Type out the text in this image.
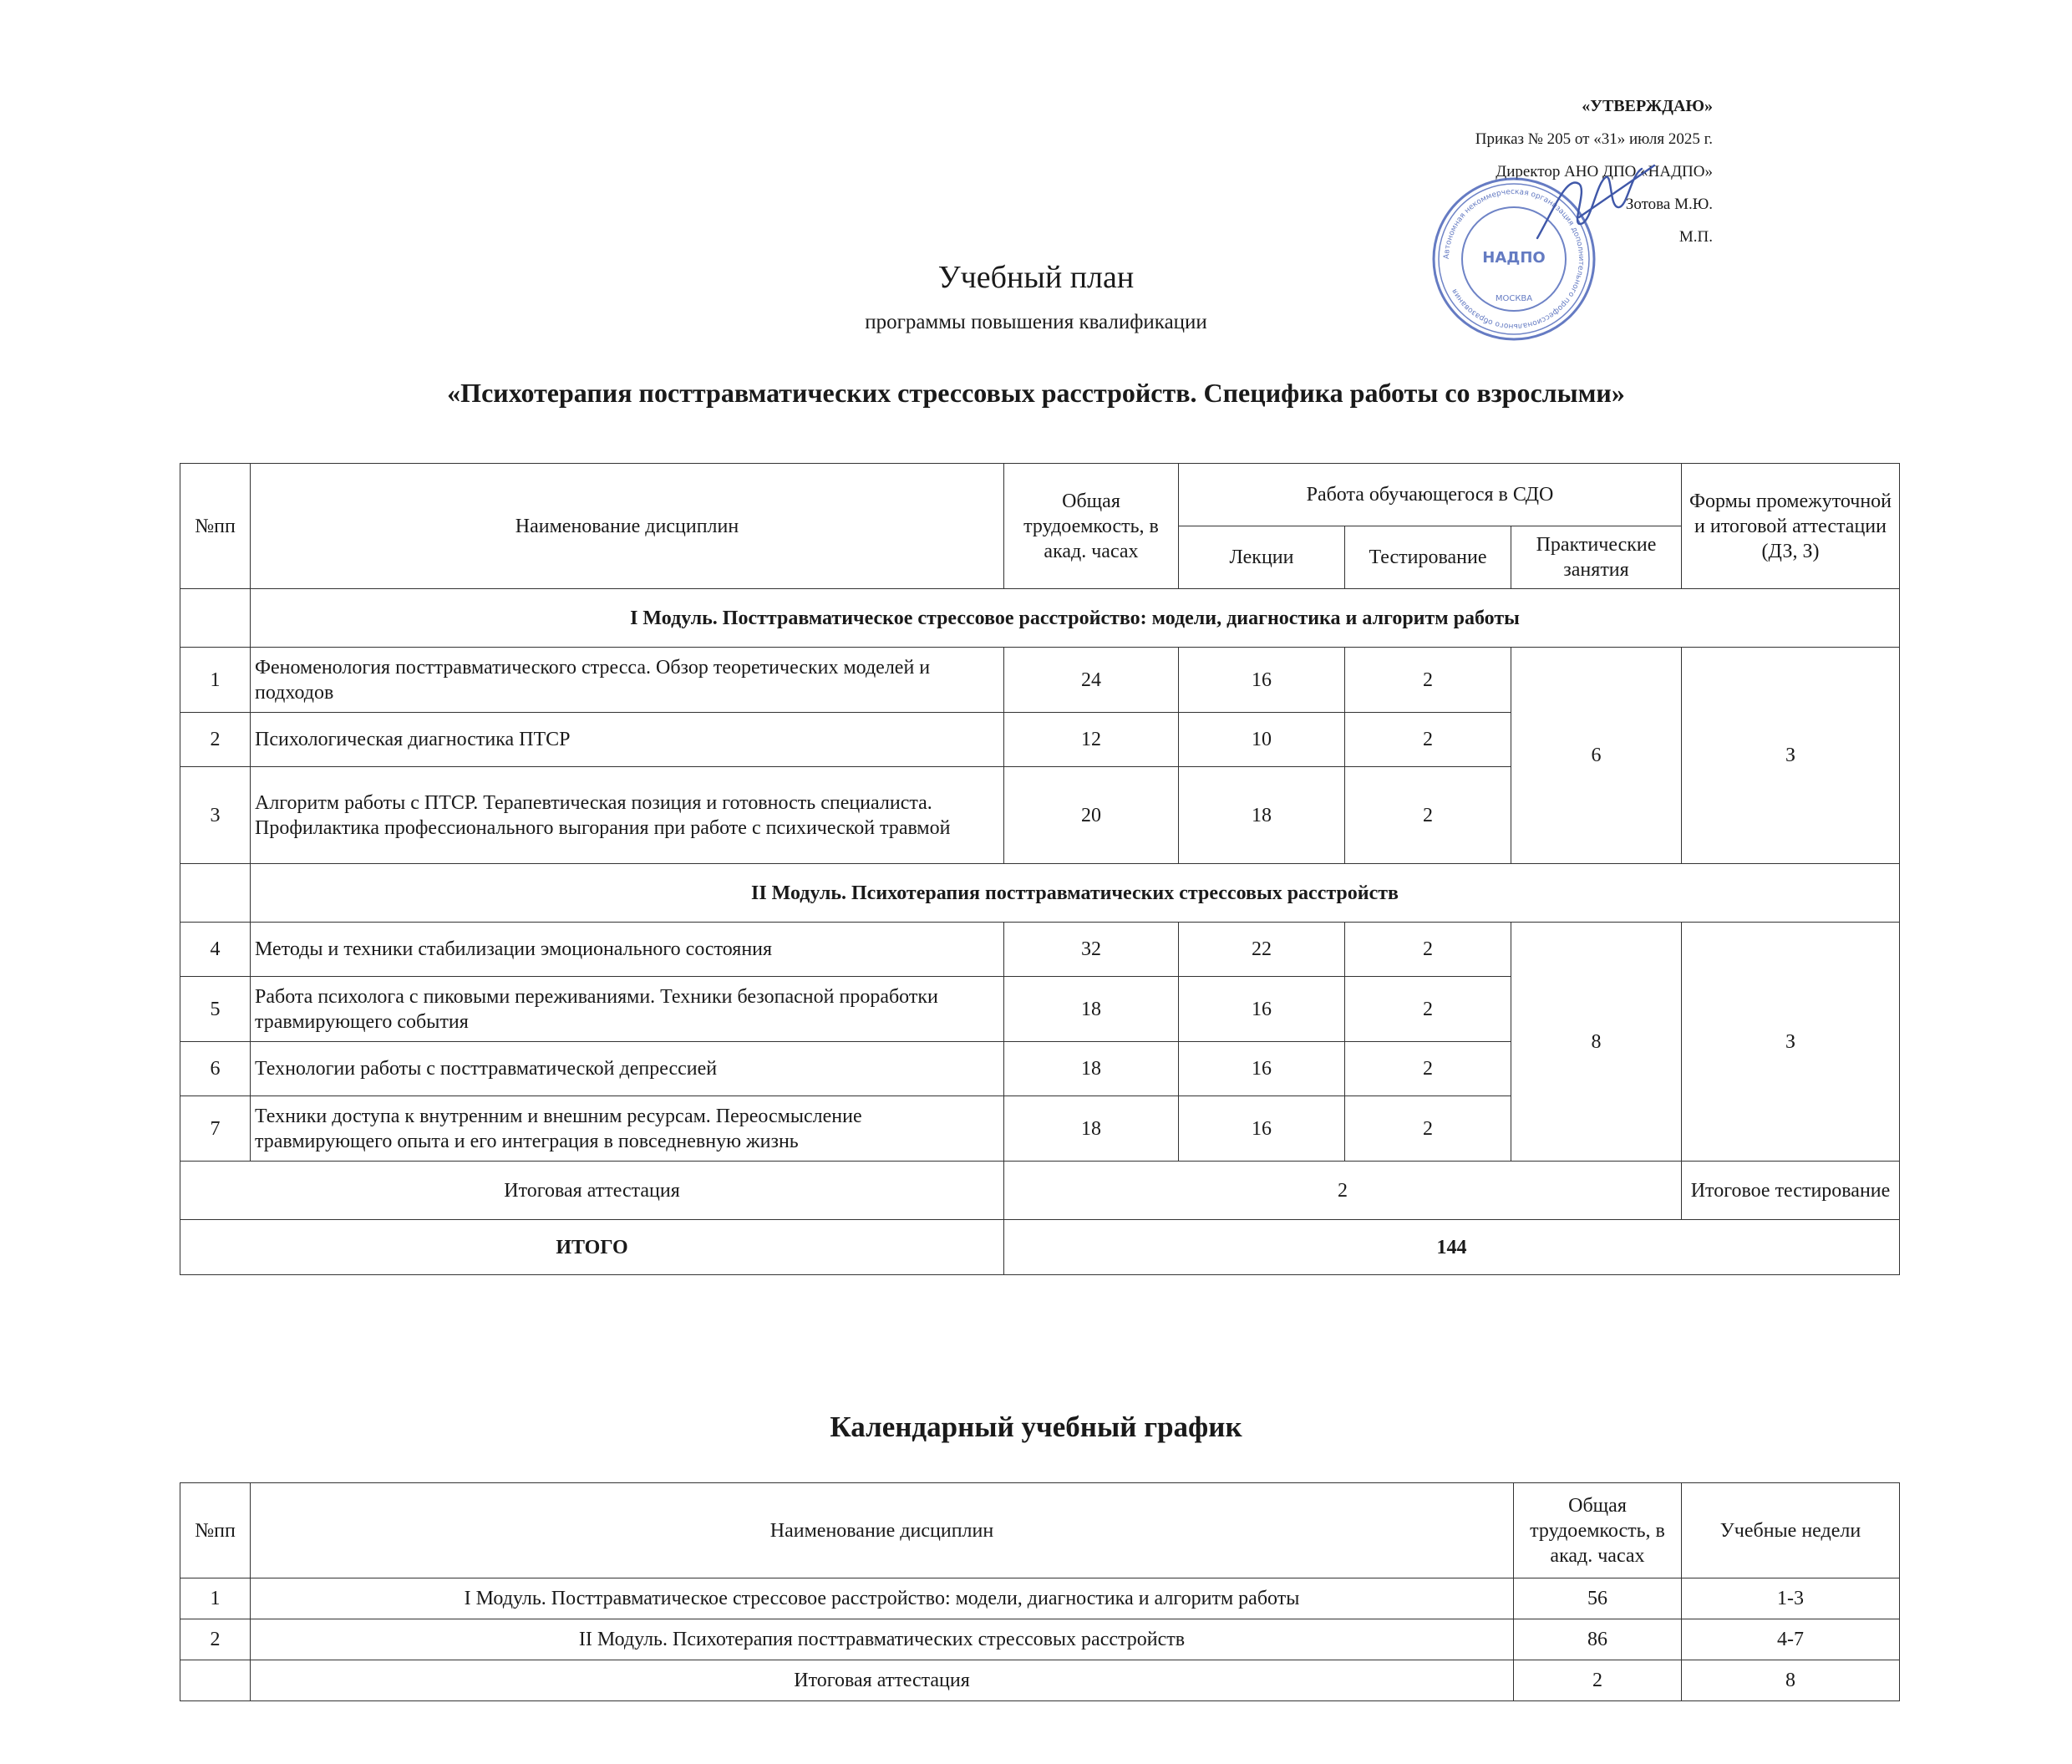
«УТВЕРЖДАЮ»
Приказ № 205 от «31» июля 2025 г.
Директор АНО ДПО «НАДПО»
Зотова М.Ю.
М.П.
Автономная некоммерческая организация дополнительного профессионального образования
НАДПО
МОСКВА
Учебный план
программы повышения квалификации
«Психотерапия посттравматических стрессовых расстройств. Специфика работы со взрослыми»
№пп	Наименование дисциплин	Общая трудоемкость, в акад. часах	Работа обучающегося в СДО			Формы промежуточной и итоговой аттестации (ДЗ, З)
			Лекции	Тестирование	Практические занятия	
	I Модуль. Посттравматическое стрессовое расстройство: модели, диагностика и алгоритм работы					
1	Феноменология посттравматического стресса. Обзор теоретических моделей и подходов	24	16	2	6	З
2	Психологическая диагностика ПТСР	12	10	2		
3	Алгоритм работы с ПТСР. Терапевтическая позиция и готовность специалиста. Профилактика профессионального выгорания при работе с психической травмой	20	18	2		
	II Модуль. Психотерапия посттравматических стрессовых расстройств					
4	Методы и техники стабилизации эмоционального состояния	32	22	2	8	З
5	Работа психолога с пиковыми переживаниями. Техники безопасной проработки травмирующего события	18	16	2		
6	Технологии работы с посттравматической депрессией	18	16	2		
7	Техники доступа к внутренним и внешним ресурсам. Переосмысление травмирующего опыта и его интеграция в повседневную жизнь	18	16	2		
Итоговая аттестация		2				Итоговое тестирование
ИТОГО		144				
Календарный учебный график
№пп	Наименование дисциплин	Общая трудоемкость, в акад. часах	Учебные недели
1	I Модуль. Посттравматическое стрессовое расстройство: модели, диагностика и алгоритм работы	56	1-3
2	II Модуль. Психотерапия посттравматических стрессовых расстройств	86	4-7
	Итоговая аттестация	2	8
